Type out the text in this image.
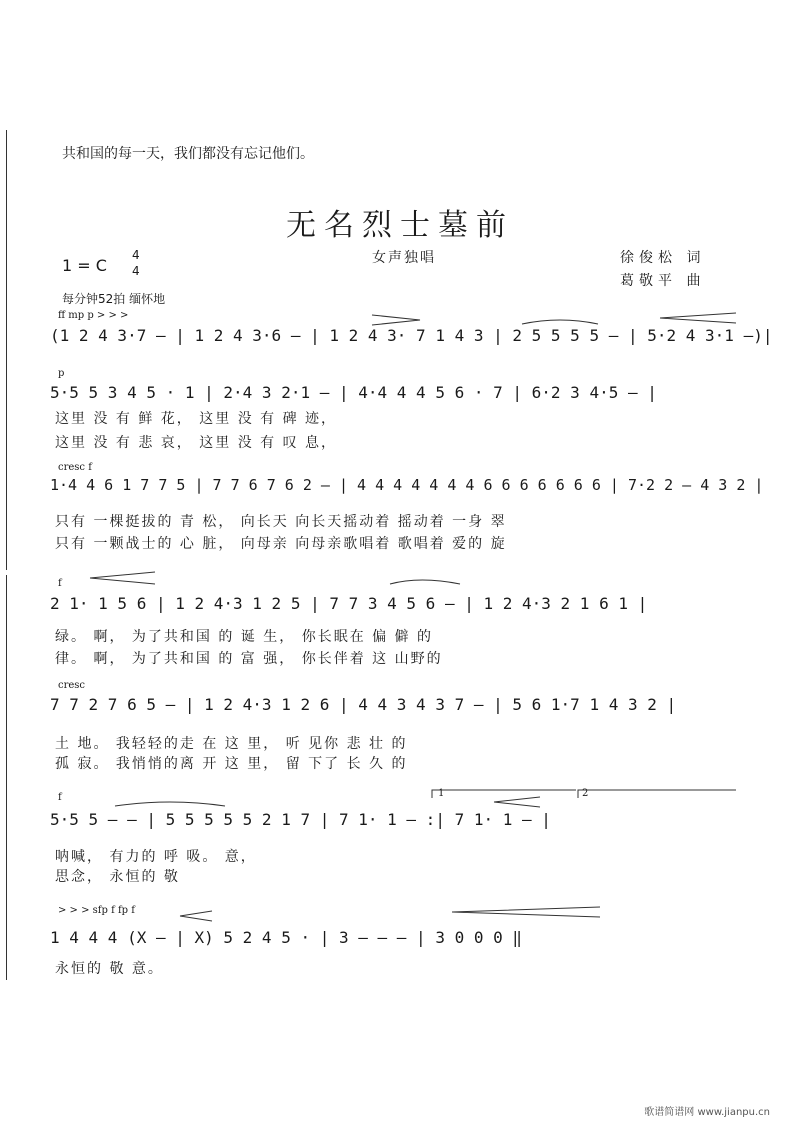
共和国的每一天，我们都没有忘记他们。
无名烈士墓前
1 = C
4
4
女声独唱	徐俊松 词
葛敬平 曲
每分钟52拍 缅怀地
ff mp p > > >
(1 2 4 3·7 — | 1 2 4 3·6 — | 1 2 4 3· 7 1 4 3 | 2 5 5 5 5 — | 5·2 4 3·1 —)|
p
5·5 5 3 4 5 · 1 | 2·4 3 2·1 — | 4·4 4 4 5 6 · 7 | 6·2 3 4·5 — |
这里 没 有 鲜 花， 这里 没 有 碑 迹，
这里 没 有 悲 哀， 这里 没 有 叹 息，
cresc f
1·4 4 6 1 7 7 5 | 7 7 6 7 6 2 — | 4 4 4 4 4 4 4 6 6 6 6 6 6 6 | 7·2 2 — 4 3 2 |
只有 一棵挺拔的 青 松， 向长天 向长天摇动着 摇动着 一身 翠
只有 一颗战士的 心 脏， 向母亲 向母亲歌唱着 歌唱着 爱的 旋
f
2 1· 1 5 6 | 1 2 4·3 1 2 5 | 7 7 3 4 5 6 — | 1 2 4·3 2 1 6 1 |
绿。 啊， 为了共和国 的 诞 生， 你长眠在 偏 僻 的
律。 啊， 为了共和国 的 富 强， 你长伴着 这 山野的
cresc
7 7 2 7 6 5 — | 1 2 4·3 1 2 6 | 4 4 3 4 3 7 — | 5 6 1·7 1 4 3 2 |
土 地。 我轻轻的走 在 这 里， 听 见你 悲 壮 的
孤 寂。 我悄悄的离 开 这 里， 留 下了 长 久 的
f	1	2
5·5 5 — — | 5 5 5 5 5 2 1 7 | 7 1· 1 — :| 7 1· 1 — |
呐喊， 有力的 呼 吸。 意，
思念， 永恒的 敬
> > > sfp f fp f
1 4 4 4 (X — | X) 5 2 4 5 · | 3 — — — | 3 0 0 0 ‖
永恒的 敬 意。
歌谱简谱网 www.jianpu.cn
